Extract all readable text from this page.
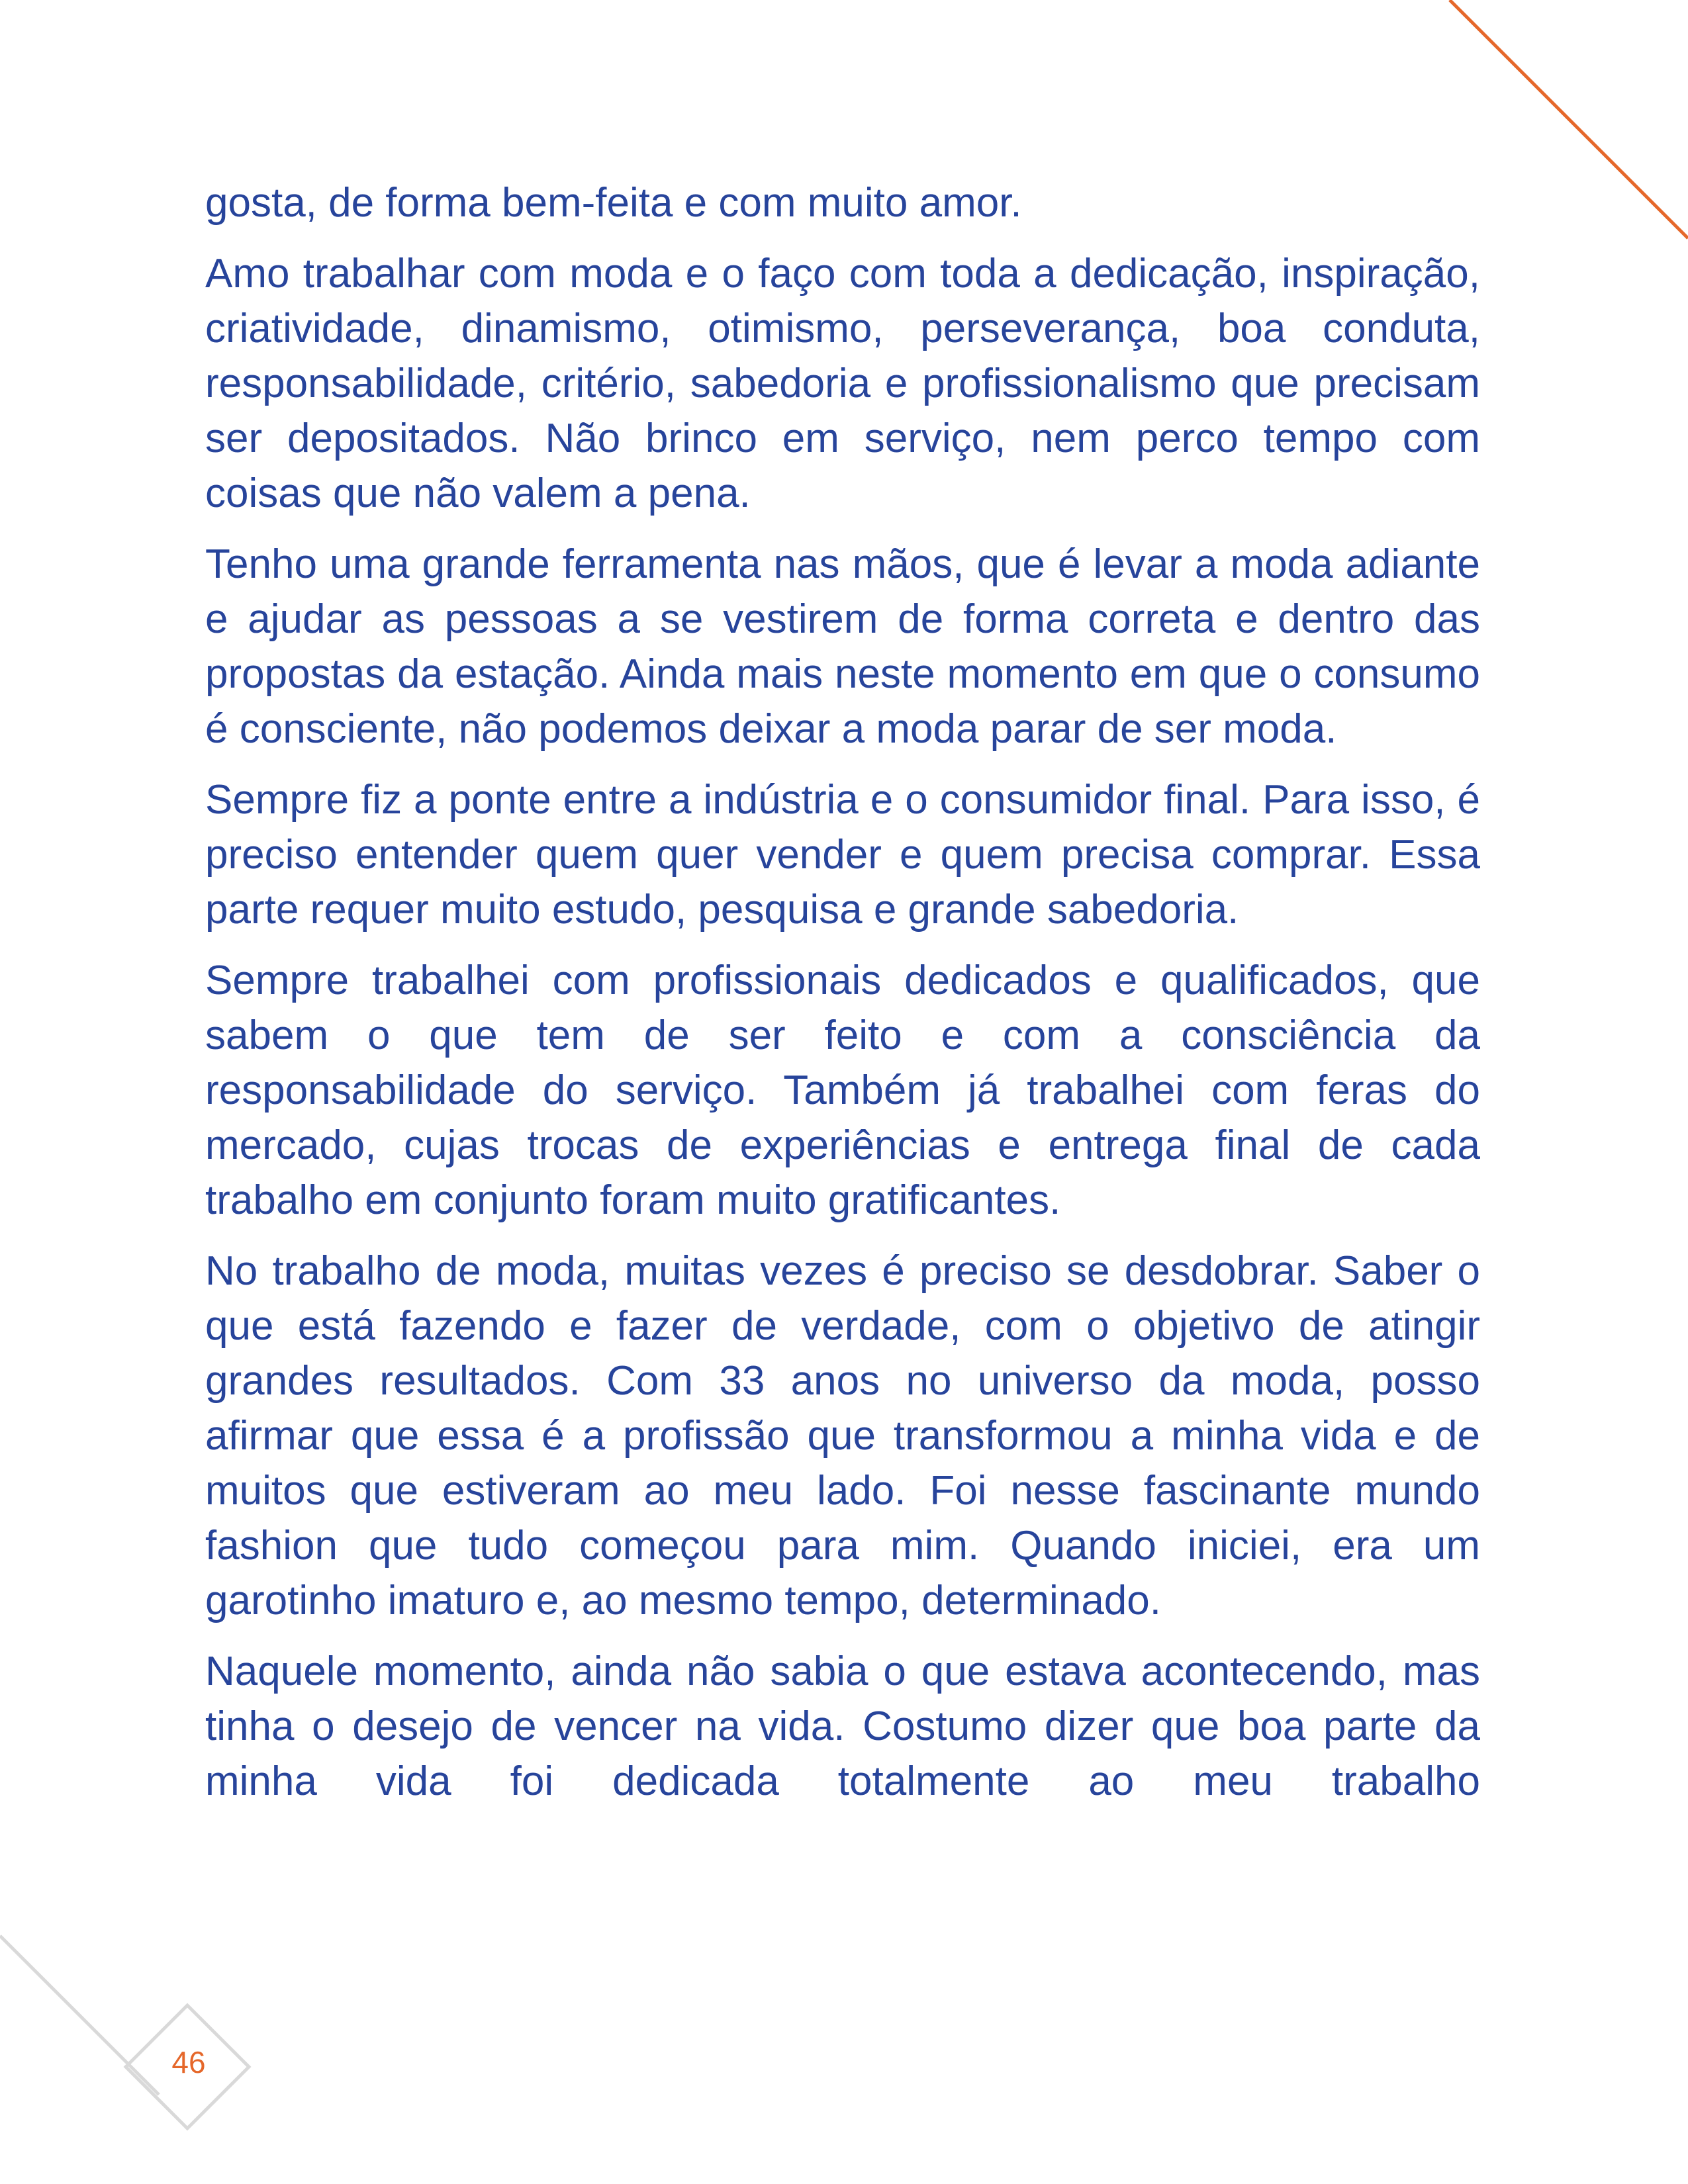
gosta, de forma bem-feita e com muito amor.

Amo trabalhar com moda e o faço com toda a dedicação, inspiração, criatividade, dinamismo, otimismo, perseverança, boa conduta, responsabilidade, critério, sabedoria e profissionalismo que precisam ser depositados. Não brinco em serviço, nem perco tempo com coisas que não valem a pena.

Tenho uma grande ferramenta nas mãos, que é levar a moda adiante e ajudar as pessoas a se vestirem de forma correta e dentro das propostas da estação. Ainda mais neste momento em que o consumo é consciente, não podemos deixar a moda parar de ser moda.

Sempre fiz a ponte entre a indústria e o consumidor final. Para isso, é preciso entender quem quer vender e quem precisa comprar. Essa parte requer muito estudo, pesquisa e grande sabedoria.

Sempre trabalhei com profissionais dedicados e qualificados, que sabem o que tem de ser feito e com a consciência da responsabilidade do serviço. Também já trabalhei com feras do mercado, cujas trocas de experiências e entrega final de cada trabalho em conjunto foram muito gratificantes.

No trabalho de moda, muitas vezes é preciso se desdobrar. Saber o que está fazendo e fazer de verdade, com o objetivo de atingir grandes resultados. Com 33 anos no universo da moda, posso afirmar que essa é a profissão que transformou a minha vida e de muitos que estiveram ao meu lado. Foi nesse fascinante mundo fashion que tudo começou para mim. Quando iniciei, era um garotinho imaturo e, ao mesmo tempo, determinado.

Naquele momento, ainda não sabia o que estava acontecendo, mas tinha o desejo de vencer na vida. Costumo dizer que boa parte da minha vida foi dedicada totalmente ao meu trabalho

46
